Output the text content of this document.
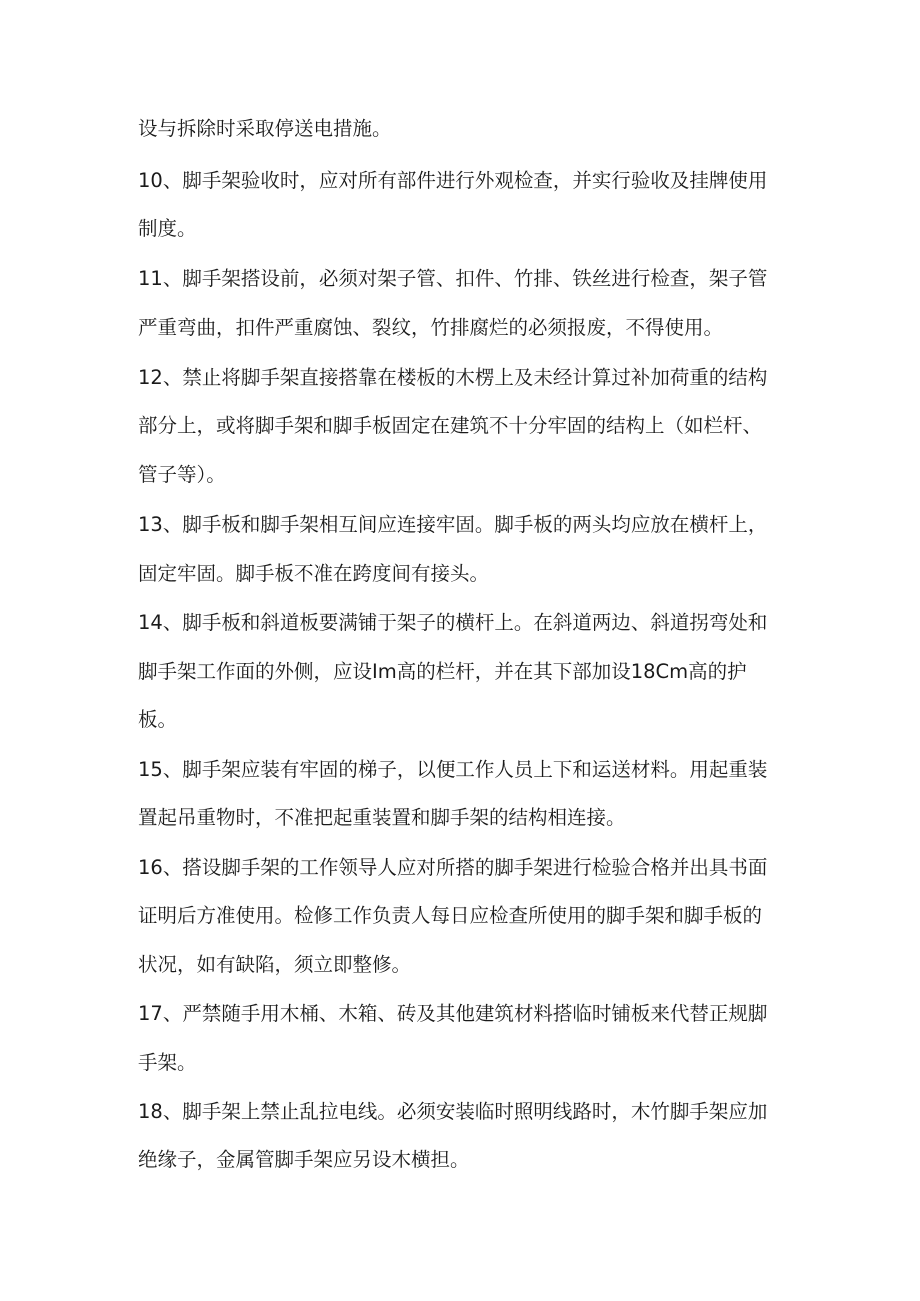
设与拆除时采取停送电措施。
10、脚手架验收时，应对所有部件进行外观检查，并实行验收及挂牌使用
制度。
11、脚手架搭设前，必须对架子管、扣件、竹排、铁丝进行检查，架子管
严重弯曲，扣件严重腐蚀、裂纹，竹排腐烂的必须报废，不得使用。
12、禁止将脚手架直接搭靠在楼板的木楞上及未经计算过补加荷重的结构
部分上，或将脚手架和脚手板固定在建筑不十分牢固的结构上（如栏杆、
管子等）。
13、脚手板和脚手架相互间应连接牢固。脚手板的两头均应放在横杆上，
固定牢固。脚手板不准在跨度间有接头。
14、脚手板和斜道板要满铺于架子的横杆上。在斜道两边、斜道拐弯处和
脚手架工作面的外侧，应设Im高的栏杆，并在其下部加设18Cm高的护
板。
15、脚手架应装有牢固的梯子，以便工作人员上下和运送材料。用起重装
置起吊重物时，不准把起重装置和脚手架的结构相连接。
16、搭设脚手架的工作领导人应对所搭的脚手架进行检验合格并出具书面
证明后方准使用。检修工作负责人每日应检查所使用的脚手架和脚手板的
状况，如有缺陷，须立即整修。
17、严禁随手用木桶、木箱、砖及其他建筑材料搭临时铺板来代替正规脚
手架。
18、脚手架上禁止乱拉电线。必须安装临时照明线路时，木竹脚手架应加
绝缘子，金属管脚手架应另设木横担。
